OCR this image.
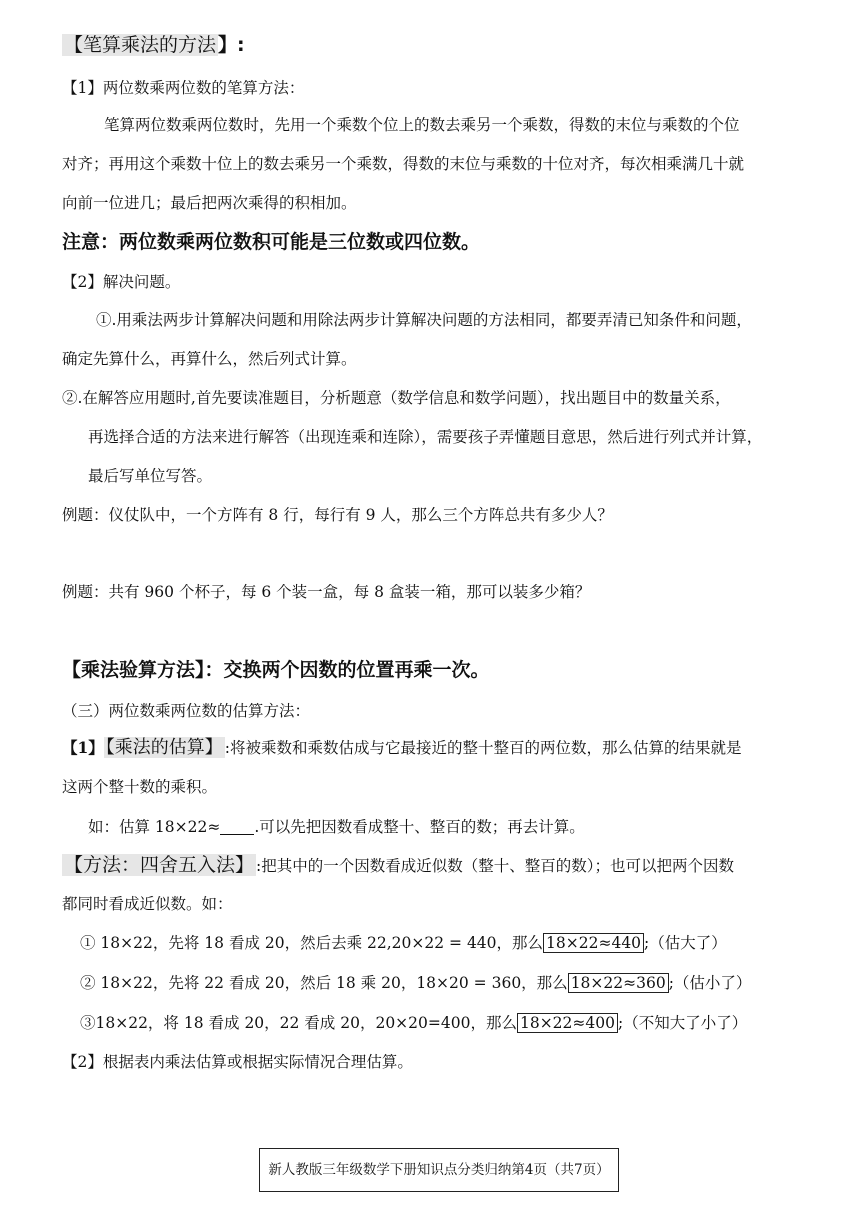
【笔算乘法的方法 】:
【1】两位数乘两位数的笔算方法：
笔算两位数乘两位数时，先用一个乘数个位上的数去乘另一个乘数，得数的末位与乘数的个位
对齐；再用这个乘数十位上的数去乘另一个乘数，得数的末位与乘数的十位对齐，每次相乘满几十就
向前一位进几；最后把两次乘得的积相加。
注意：两位数乘两位数积可能是三位数或四位数。
【2】解决问题。
①.用乘法两步计算解决问题和用除法两步计算解决问题的方法相同，都要弄清已知条件和问题，
确定先算什么，再算什么，然后列式计算。
②.在解答应用题时,首先要读准题目，分析题意（数学信息和数学问题），找出题目中的数量关系，
再选择合适的方法来进行解答（出现连乘和连除），需要孩子弄懂题目意思，然后进行列式并计算，
最后写单位写答。
例题：仪仗队中，一个方阵有 8 行，每行有 9 人，那么三个方阵总共有多少人？
例题：共有 960 个杯子，每 6 个装一盒，每 8 盒装一箱，那可以装多少箱？
【乘法验算方法】：交换两个因数的位置再乘一次。
（三）两位数乘两位数的估算方法：
【1】 【乘法的估算】 :将被乘数和乘数估成与它最接近的整十整百的两位数，那么估算的结果就是
这两个整十数的乘积。
如：估算 18×22≈ .可以先把因数看成整十、整百的数；再去计算。
【方法：四舍五入法】 :把其中的一个因数看成近似数（整十、整百的数）；也可以把两个因数
都同时看成近似数。如：
① 18×22，先将 18 看成 20，然后去乘 22,20×22 = 440，那么 18×22≈440 ;（估大了）
② 18×22，先将 22 看成 20，然后 18 乘 20，18×20 = 360，那么 18×22≈360 ;（估小了）
③18×22，将 18 看成 20，22 看成 20，20×20=400，那么 18×22≈400 ;（不知大了小了）
【2】根据表内乘法估算或根据实际情况合理估算。
新人教版三年级数学下册知识点分类归纳第4页（共7页）
